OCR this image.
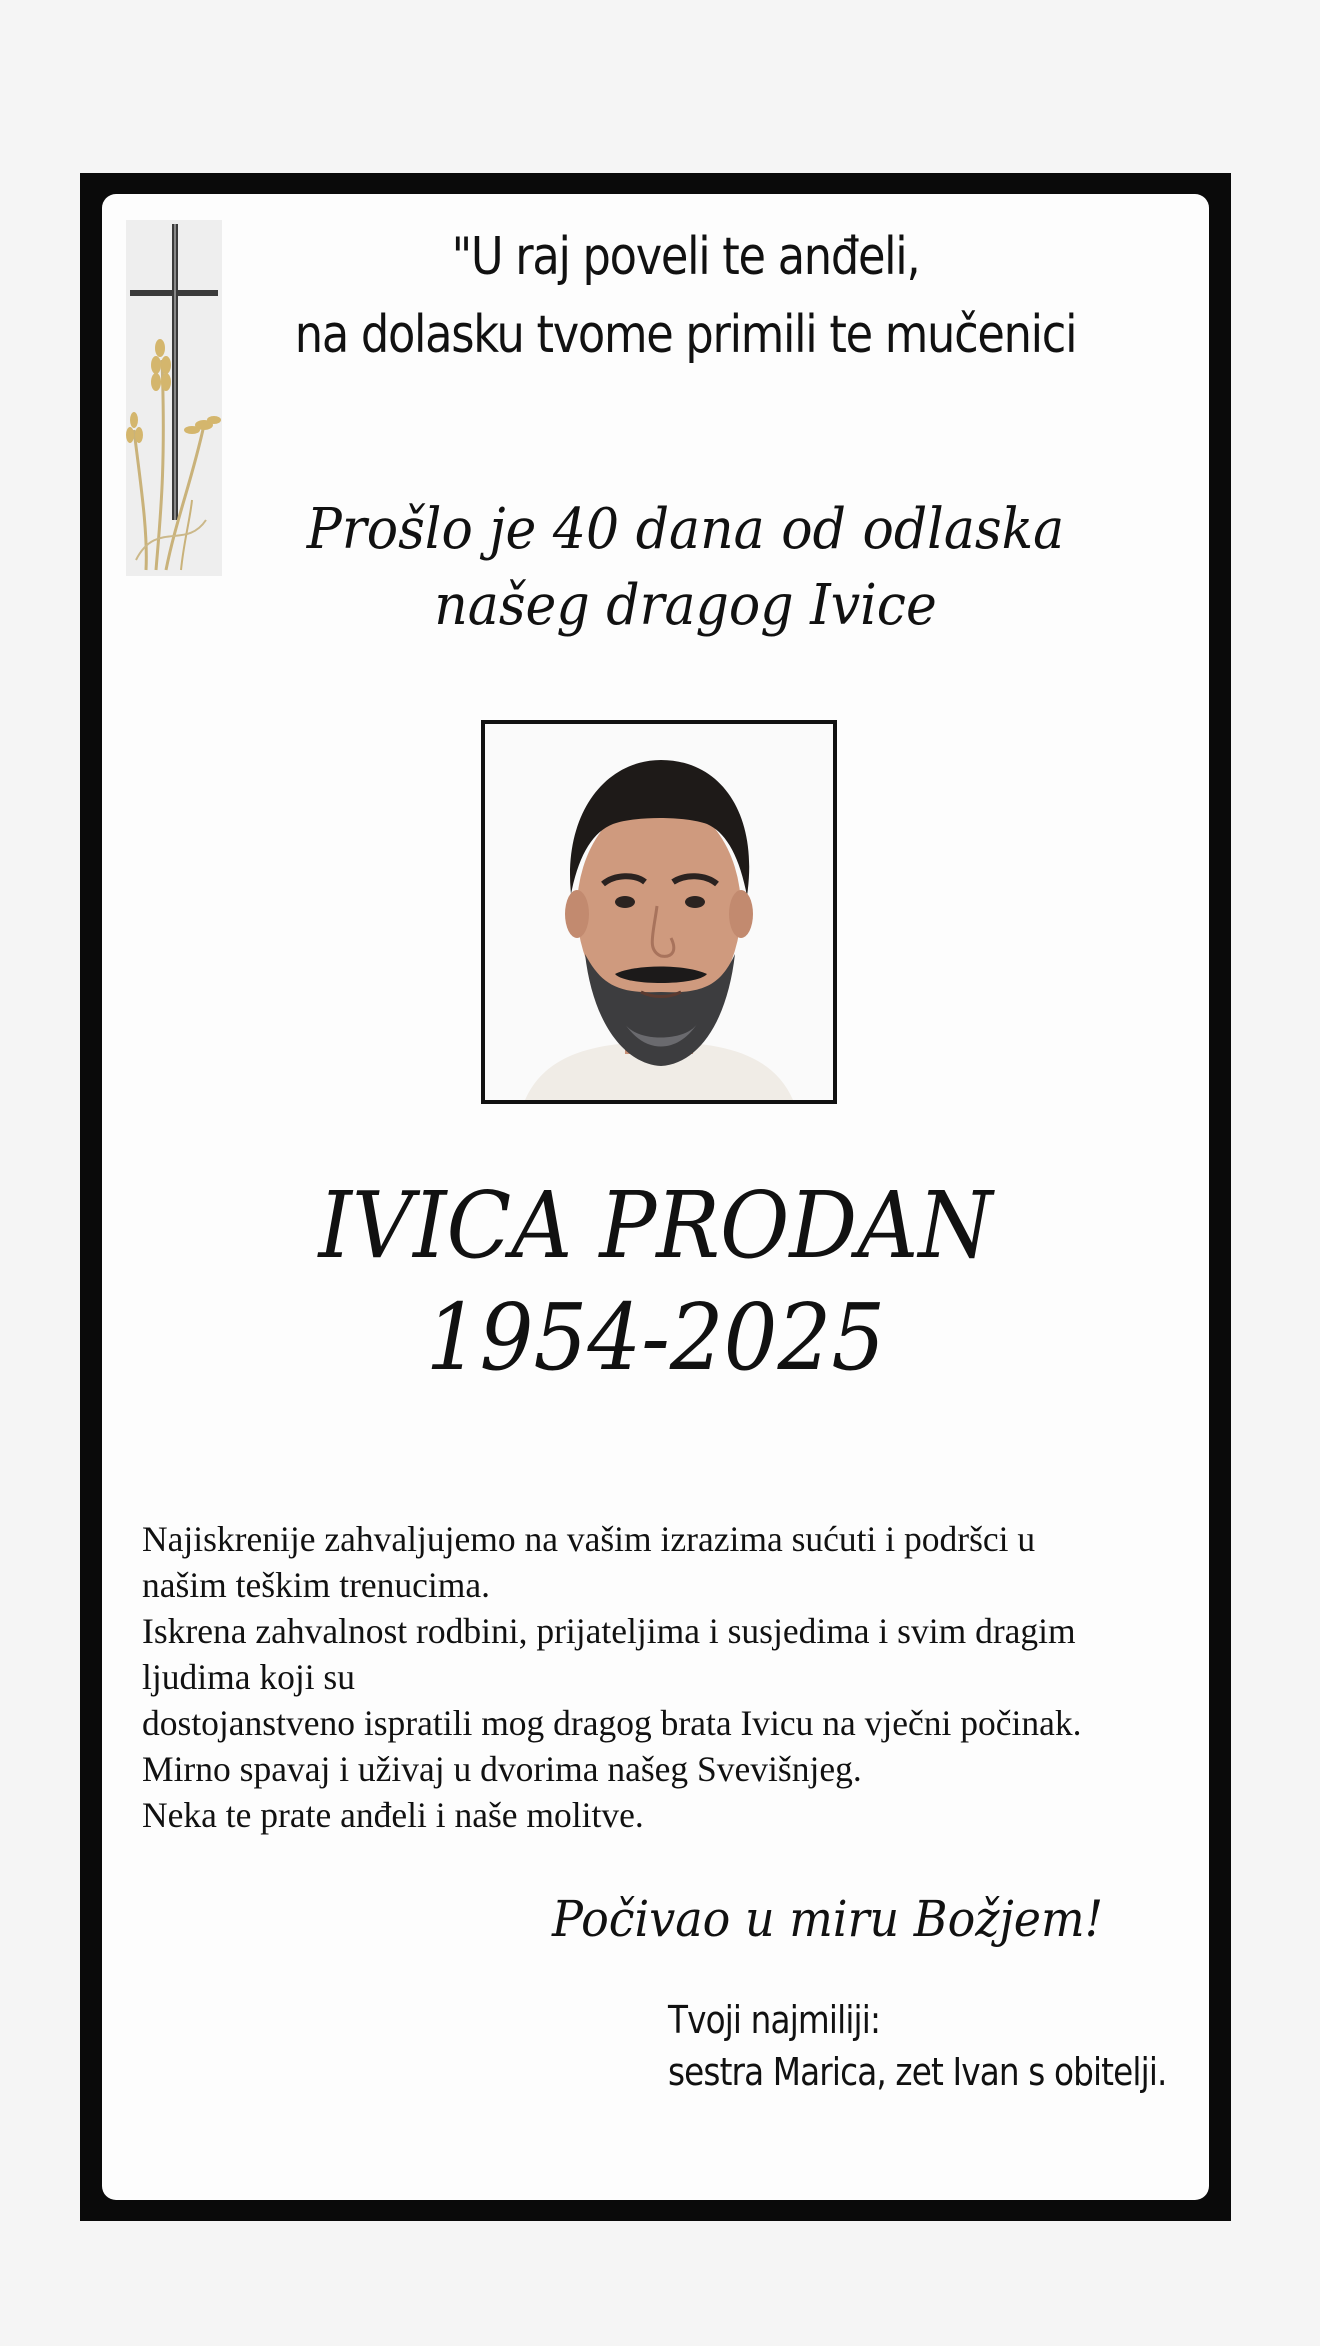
"U raj poveli te anđeli,
na dolasku tvome primili te mučenici
Prošlo je 40 dana od odlaska
našeg dragog Ivice
IVICA PRODAN
1954-2025
Najiskrenije zahvaljujemo na vašim izrazima sućuti i podršci u
našim teškim trenucima.
Iskrena zahvalnost rodbini, prijateljima i susjedima i svim dragim
ljudima koji su
dostojanstveno ispratili mog dragog brata Ivicu na vječni počinak.
Mirno spavaj i uživaj u dvorima našeg Svevišnjeg.
Neka te prate anđeli i naše molitve.
Počivao u miru Božjem!
Tvoji najmiliji:
sestra Marica, zet Ivan s obitelji.
